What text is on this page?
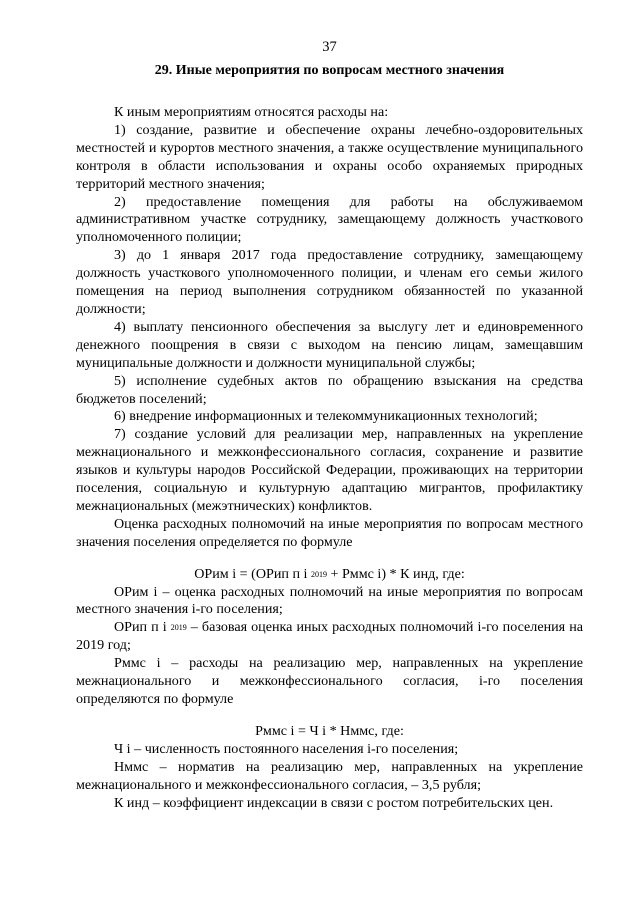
37
29. Иные мероприятия по вопросам местного значения

К иным мероприятиям относятся расходы на:

1) создание, развитие и обеспечение охраны лечебно-оздоровительных местностей и курортов местного значения, а также осуществление муниципального контроля в области использования и охраны особо охраняемых природных территорий местного значения;

2) предоставление помещения для работы на обслуживаемом административном участке сотруднику, замещающему должность участкового уполномоченного полиции;

3) до 1 января 2017 года предоставление сотруднику, замещающему должность участкового уполномоченного полиции, и членам его семьи жилого помещения на период выполнения сотрудником обязанностей по указанной должности;

4) выплату пенсионного обеспечения за выслугу лет и единовременного денежного поощрения в связи с выходом на пенсию лицам, замещавшим муниципальные должности и должности муниципальной службы;

5) исполнение судебных актов по обращению взыскания на средства бюджетов поселений;

6) внедрение информационных и телекоммуникационных технологий;

7) создание условий для реализации мер, направленных на укрепление межнационального и межконфессионального согласия, сохранение и развитие языков и культуры народов Российской Федерации, проживающих на территории поселения, социальную и культурную адаптацию мигрантов, профилактику межнациональных (межэтнических) конфликтов.

Оценка расходных полномочий на иные мероприятия по вопросам местного значения поселения определяется по формуле

ОРим i = (ОРип п i $_{2019}$ + Рммс i) * К инд, где:

ОРим i – оценка расходных полномочий на иные мероприятия по вопросам местного значения i-го поселения;

ОРип п i $_{2019}$ – базовая оценка иных расходных полномочий i-го поселения на 2019 год;

Рммс i – расходы на реализацию мер, направленных на укрепление межнационального и межконфессионального согласия, i-го поселения определяются по формуле

Рммс i = Ч i * Нммс, где:

Ч i – численность постоянного населения i-го поселения;

Нммс – норматив на реализацию мер, направленных на укрепление межнационального и межконфессионального согласия, – 3,5 рубля;

К инд – коэффициент индексации в связи с ростом потребительских цен.
